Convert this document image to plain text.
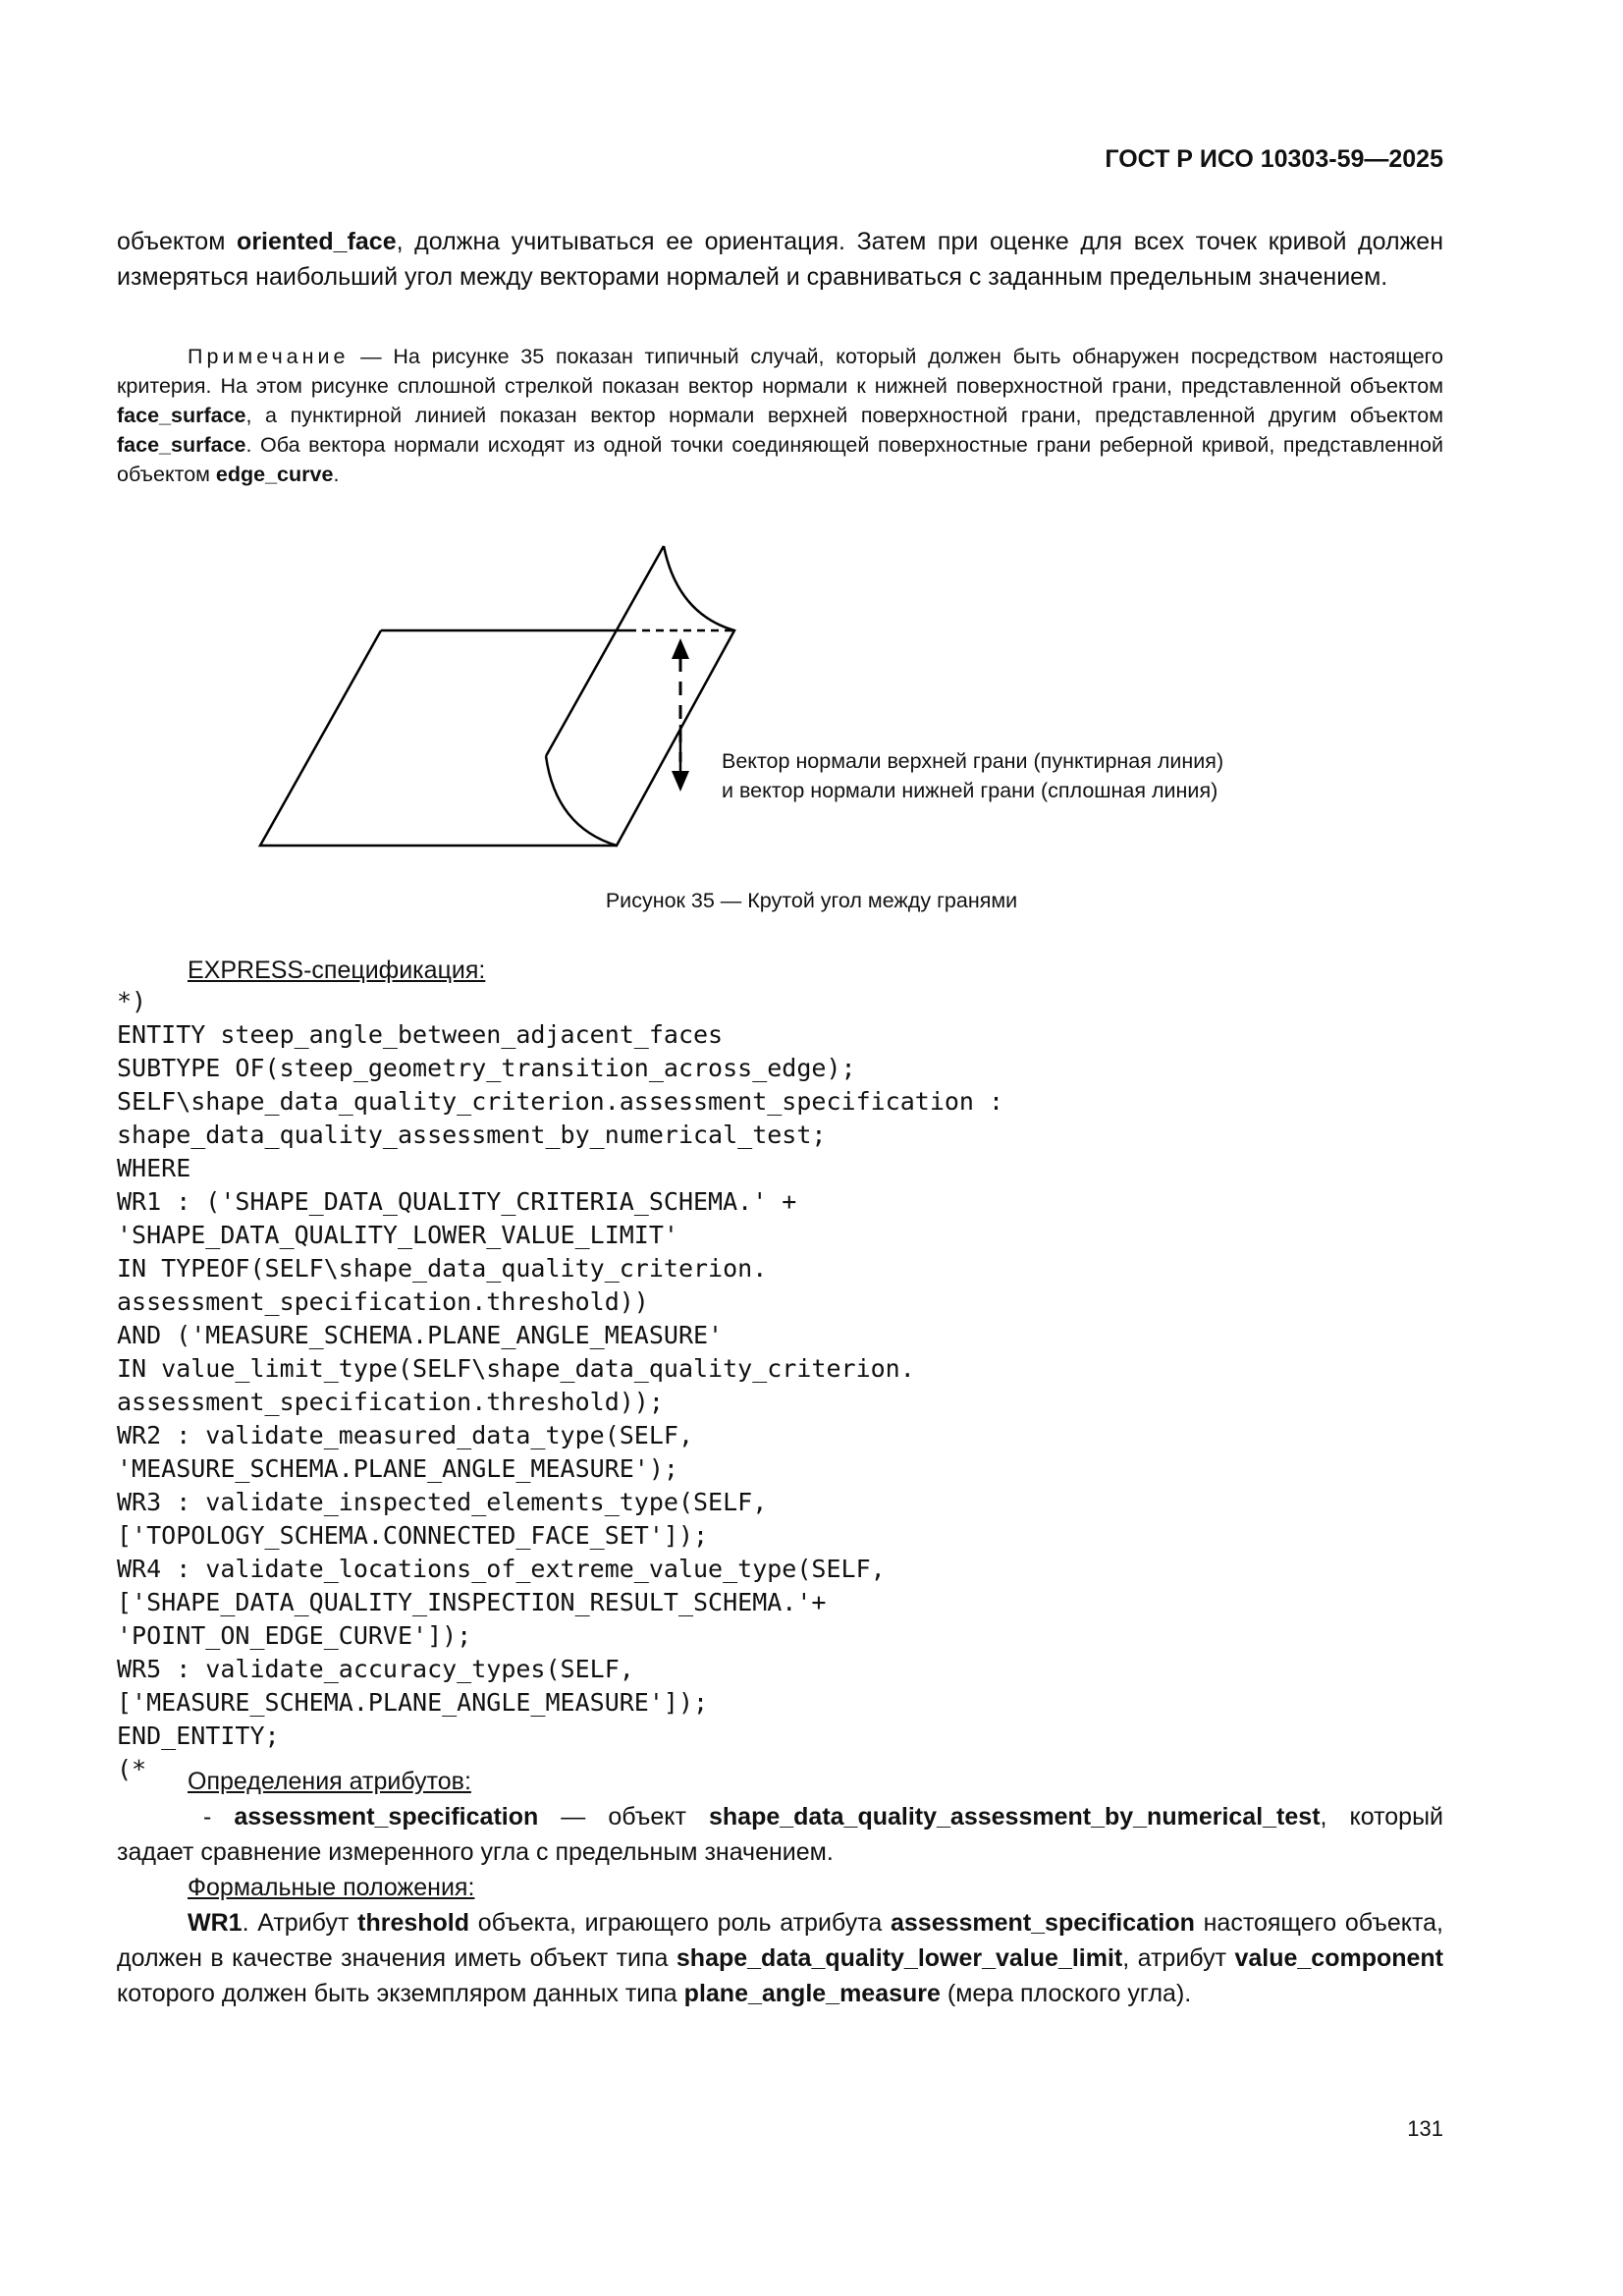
ГОСТ Р ИСО 10303-59—2025

объектом oriented_face, должна учитываться ее ориентация. Затем при оценке для всех точек кривой должен измеряться наибольший угол между векторами нормалей и сравниваться с заданным предельным значением.

Примечание — На рисунке 35 показан типичный случай, который должен быть обнаружен посредством настоящего критерия. На этом рисунке сплошной стрелкой показан вектор нормали к нижней поверхностной грани, представленной объектом face_surface, а пунктирной линией показан вектор нормали верхней поверхностной грани, представленной другим объектом face_surface. Оба вектора нормали исходят из одной точки соединяющей поверхностные грани реберной кривой, представленной объектом edge_curve.

Вектор нормали верхней грани (пунктирная линия)
и вектор нормали нижней грани (сплошная линия)
Рисунок 35 — Крутой угол между гранями
EXPRESS-спецификация:
*)
ENTITY steep_angle_between_adjacent_faces
SUBTYPE OF(steep_geometry_transition_across_edge);
SELF\shape_data_quality_criterion.assessment_specification :
shape_data_quality_assessment_by_numerical_test;
WHERE
WR1 : ('SHAPE_DATA_QUALITY_CRITERIA_SCHEMA.' +
'SHAPE_DATA_QUALITY_LOWER_VALUE_LIMIT'
IN TYPEOF(SELF\shape_data_quality_criterion.
assessment_specification.threshold))
AND ('MEASURE_SCHEMA.PLANE_ANGLE_MEASURE'
IN value_limit_type(SELF\shape_data_quality_criterion.
assessment_specification.threshold));
WR2 : validate_measured_data_type(SELF,
'MEASURE_SCHEMA.PLANE_ANGLE_MEASURE');
WR3 : validate_inspected_elements_type(SELF,
['TOPOLOGY_SCHEMA.CONNECTED_FACE_SET']);
WR4 : validate_locations_of_extreme_value_type(SELF,
['SHAPE_DATA_QUALITY_INSPECTION_RESULT_SCHEMA.'+
'POINT_ON_EDGE_CURVE']);
WR5 : validate_accuracy_types(SELF,
['MEASURE_SCHEMA.PLANE_ANGLE_MEASURE']);
END_ENTITY;
(*	Определения атрибутов:

- assessment_specification — объект shape_data_quality_assessment_by_numerical_test, который задает сравнение измеренного угла с предельным значением.

Формальные положения:

WR1. Атрибут threshold объекта, играющего роль атрибута assessment_specification настоящего объекта, должен в качестве значения иметь объект типа shape_data_quality_lower_value_limit, атрибут value_component которого должен быть экземпляром данных типа plane_angle_measure (мера плоского угла).

131
